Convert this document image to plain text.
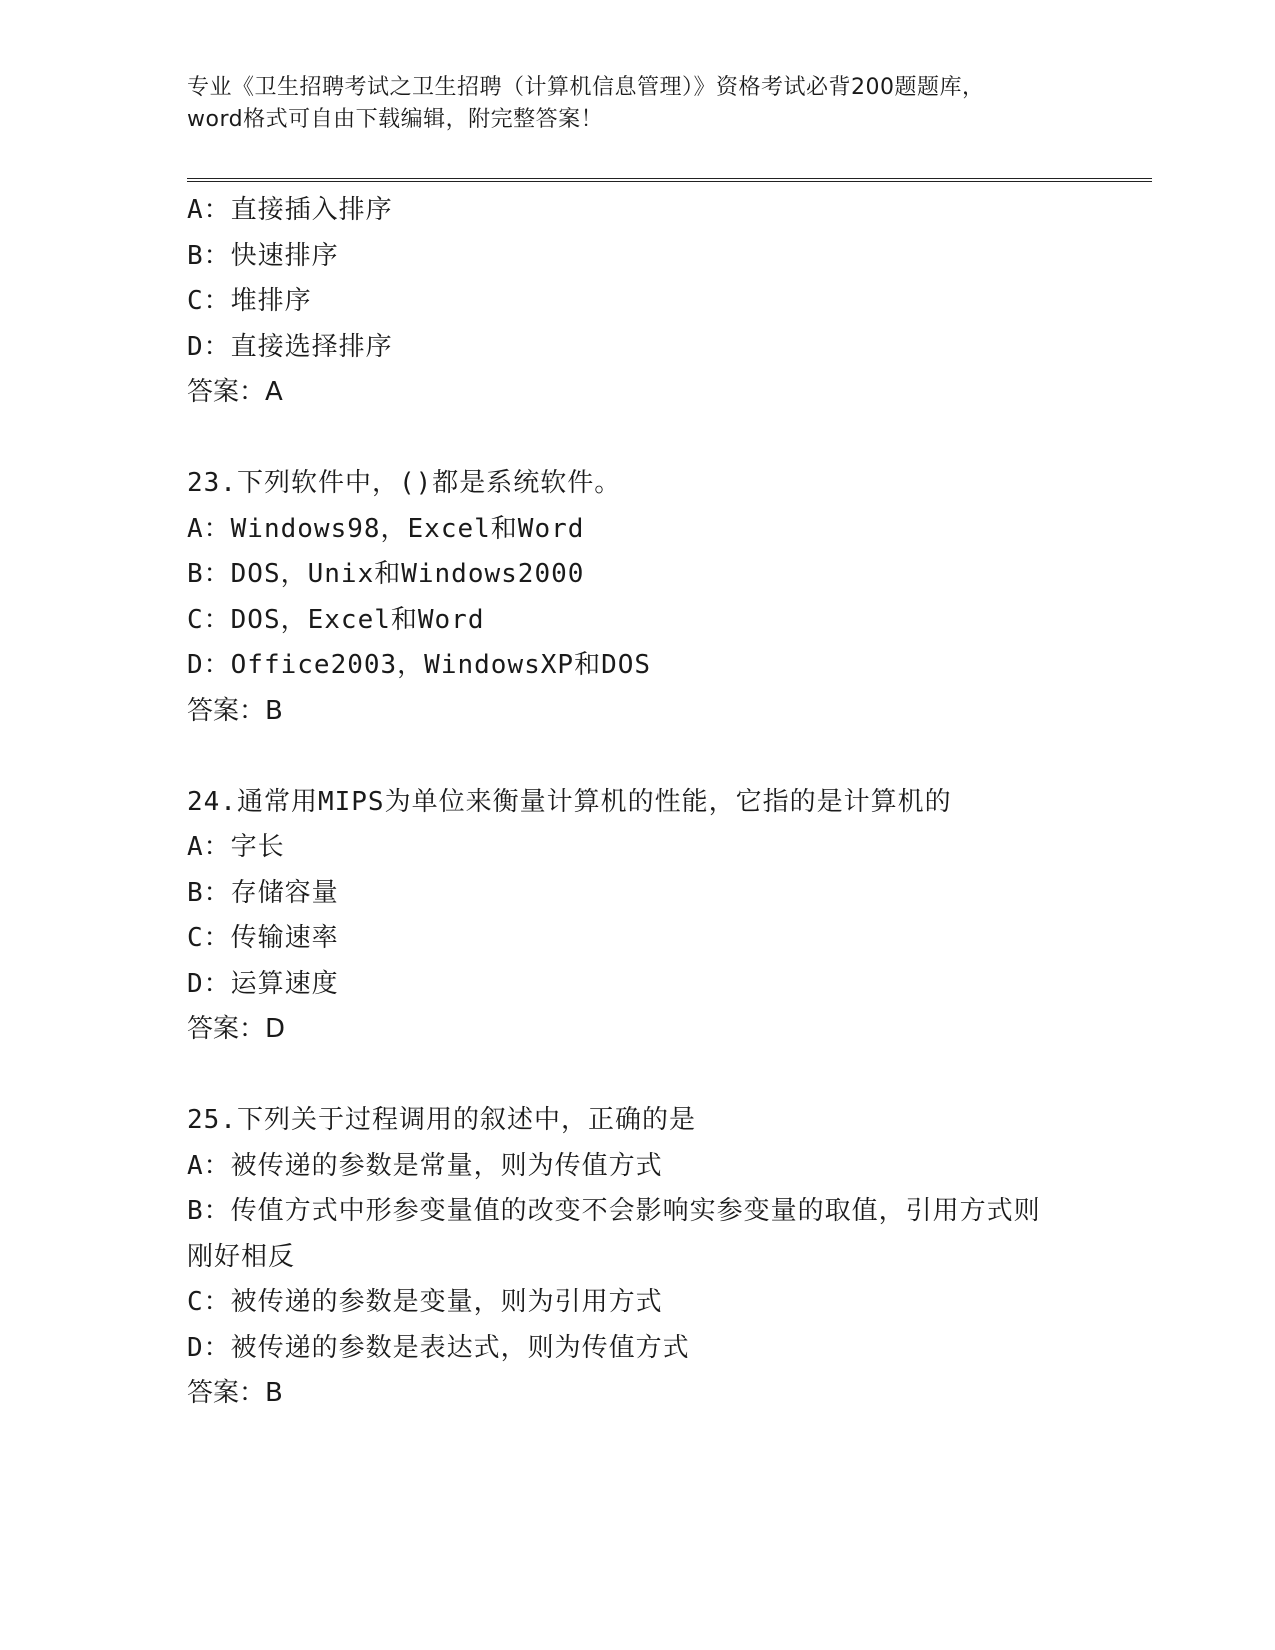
专业《卫生招聘考试之卫生招聘（计算机信息管理）》资格考试必背200题题库，
word格式可自由下载编辑，附完整答案！
A：直接插入排序
B：快速排序
C：堆排序
D：直接选择排序
答案：A
23.下列软件中，()都是系统软件。
A：Windows98，Excel和Word
B：DOS，Unix和Windows2000
C：DOS，Excel和Word
D：Office2003，WindowsXP和DOS
答案：B
24.通常用MIPS为单位来衡量计算机的性能，它指的是计算机的
A：字长
B：存储容量
C：传输速率
D：运算速度
答案：D
25.下列关于过程调用的叙述中，正确的是
A：被传递的参数是常量，则为传值方式
B：传值方式中形参变量值的改变不会影响实参变量的取值，引用方式则刚好相反
C：被传递的参数是变量，则为引用方式
D：被传递的参数是表达式，则为传值方式
答案：B
